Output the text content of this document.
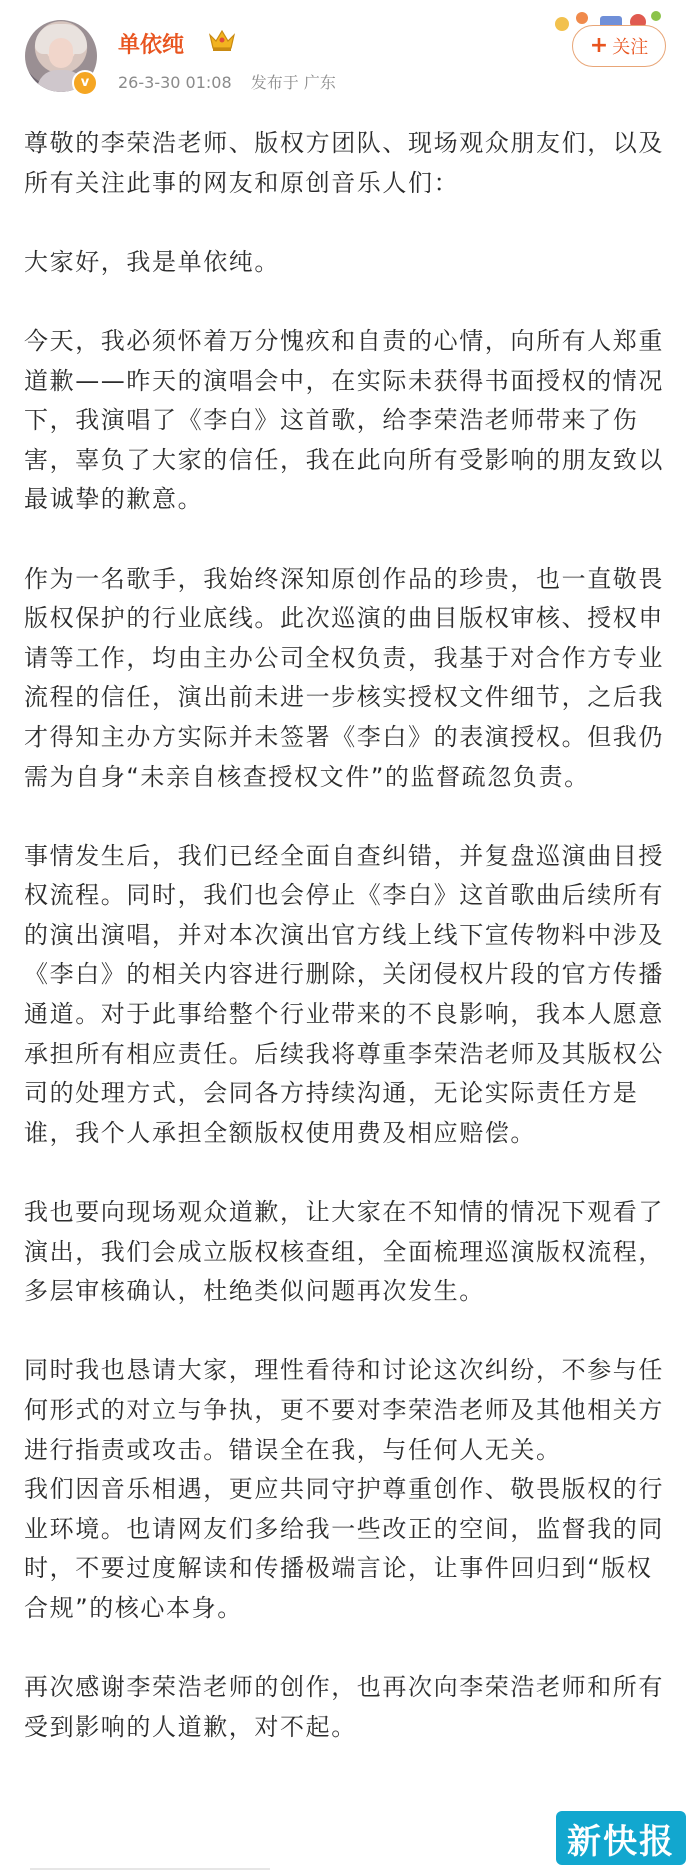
v
单依纯
26-3-30 01:08 发布于 广东
+ 关注

尊敬的李荣浩老师、版权方团队、现场观众朋友们，以及所有关注此事的网友和原创音乐人们：

大家好，我是单依纯。

今天，我必须怀着万分愧疚和自责的心情，向所有人郑重道歉——昨天的演唱会中，在实际未获得书面授权的情况下，我演唱了《李白》这首歌，给李荣浩老师带来了伤害，辜负了大家的信任，我在此向所有受影响的朋友致以最诚挚的歉意。

作为一名歌手，我始终深知原创作品的珍贵，也一直敬畏版权保护的行业底线。此次巡演的曲目版权审核、授权申请等工作，均由主办公司全权负责，我基于对合作方专业流程的信任，演出前未进一步核实授权文件细节，之后我才得知主办方实际并未签署《李白》的表演授权。但我仍需为自身“未亲自核查授权文件”的监督疏忽负责。

事情发生后，我们已经全面自查纠错，并复盘巡演曲目授权流程。同时，我们也会停止《李白》这首歌曲后续所有的演出演唱，并对本次演出官方线上线下宣传物料中涉及《李白》的相关内容进行删除，关闭侵权片段的官方传播通道。对于此事给整个行业带来的不良影响，我本人愿意承担所有相应责任。后续我将尊重李荣浩老师及其版权公司的处理方式，会同各方持续沟通，无论实际责任方是谁，我个人承担全额版权使用费及相应赔偿。

我也要向现场观众道歉，让大家在不知情的情况下观看了演出，我们会成立版权核查组，全面梳理巡演版权流程，多层审核确认，杜绝类似问题再次发生。

同时我也恳请大家，理性看待和讨论这次纠纷，不参与任何形式的对立与争执，更不要对李荣浩老师及其他相关方进行指责或攻击。错误全在我，与任何人无关。

我们因音乐相遇，更应共同守护尊重创作、敬畏版权的行业环境。也请网友们多给我一些改正的空间，监督我的同时，不要过度解读和传播极端言论，让事件回归到“版权合规”的核心本身。

再次感谢李荣浩老师的创作，也再次向李荣浩老师和所有受到影响的人道歉，对不起。

新快报
